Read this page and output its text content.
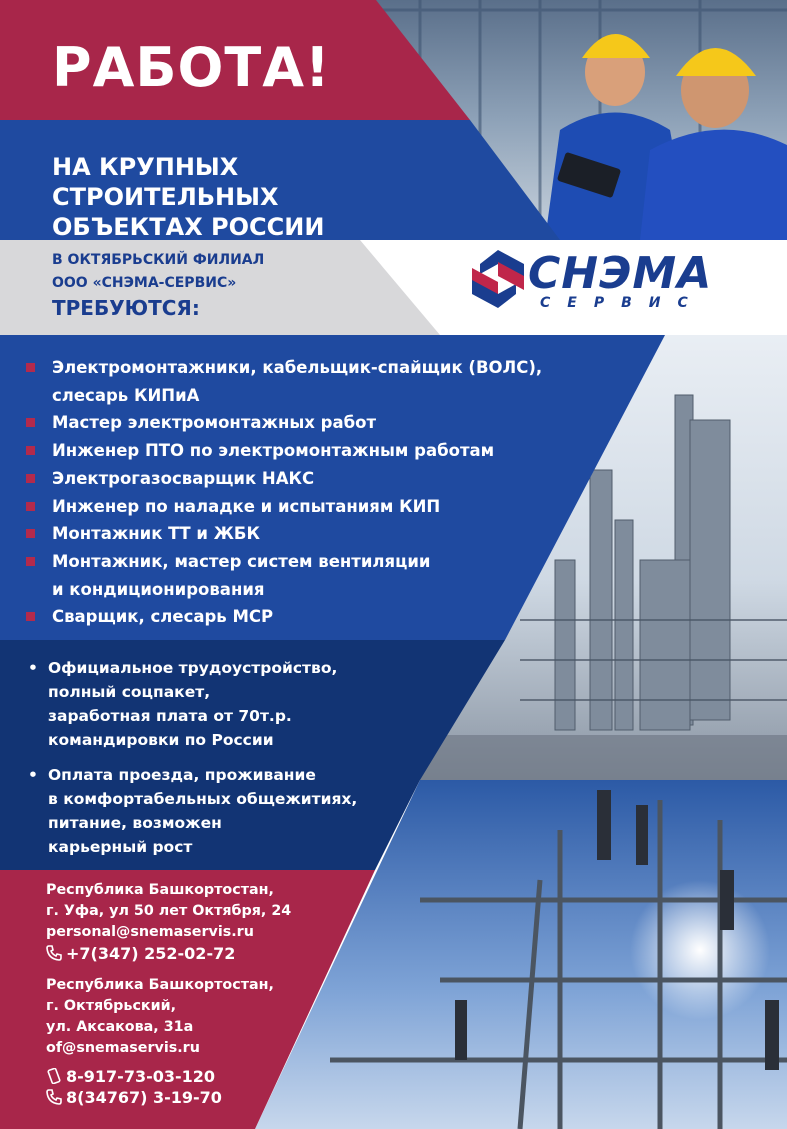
РАБОТА!
НА КРУПНЫХ СТРОИТЕЛЬНЫХ
ОБЪЕКТАХ РОССИИ
В ОКТЯБРЬСКИЙ ФИЛИАЛ
ООО «СНЭМА-СЕРВИС»
ТРЕБУЮТСЯ:
СНЭМА
СЕРВИС
Электромонтажники, кабельщик-спайщик (ВОЛС),
слесарь КИПиА
Мастер электромонтажных работ
Инженер ПТО по электромонтажным работам
Электрогазосварщик НАКС
Инженер по наладке и испытаниям КИП
Монтажник ТТ и ЖБК
Монтажник, мастер систем вентиляции
и кондиционирования
Сварщик, слесарь МСР
• Официальное трудоустройство,
полный соцпакет,
заработная плата от 70т.р.
командировки по России
• Оплата проезда, проживание
в комфортабельных общежитиях,
питание, возможен
карьерный рост
Республика Башкортостан,
г. Уфа, ул 50 лет Октября, 24
personal@snemaservis.ru
+7(347) 252-02-72
Республика Башкортостан,
г. Октябрьский,
ул. Аксакова, 31а
of@snemaservis.ru
8-917-73-03-120
8(34767) 3-19-70
